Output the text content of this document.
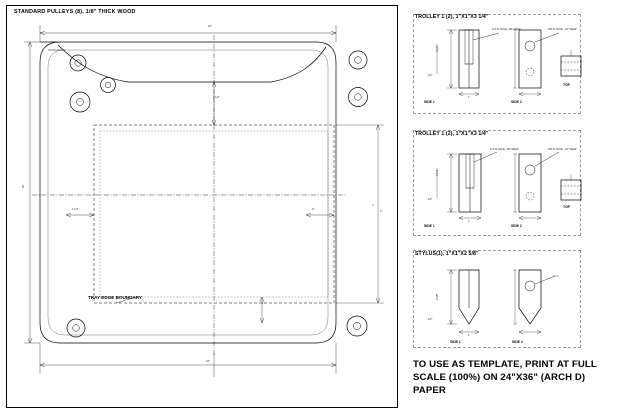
STANDARD PULLEYS (8), 1/8" THICK WOOD
24"
20"
18"
2"
1 1/2"	3"
1"
2 1/2"
4"
TRAY EDGE BOUNDARY
TROLLEY 1 (2), 1"X1"X3 1/4"
SIDE 1	SIDE 2
TOP
1/4" D HOLE, 3/8" DEEP	3/8" D HOLE, 1/4" DEEP
3 1/4"
1"
1/2"
TROLLEY 1 (2), 1"X1"X3 1/4"
SIDE 1	SIDE 2
TOP
1/4" D HOLE, 3/8" DEEP	3/8" D HOLE, 1/4" DEEP
3 1/4"
1"
1/2"
STYLUS(1), 1"X1"X2 5/8"
SIDE 1	SIDE 2
2 5/8"
1"
1/2"
TO USE AS TEMPLATE, PRINT AT FULL
SCALE (100%) ON 24"X36" (ARCH D)
PAPER
